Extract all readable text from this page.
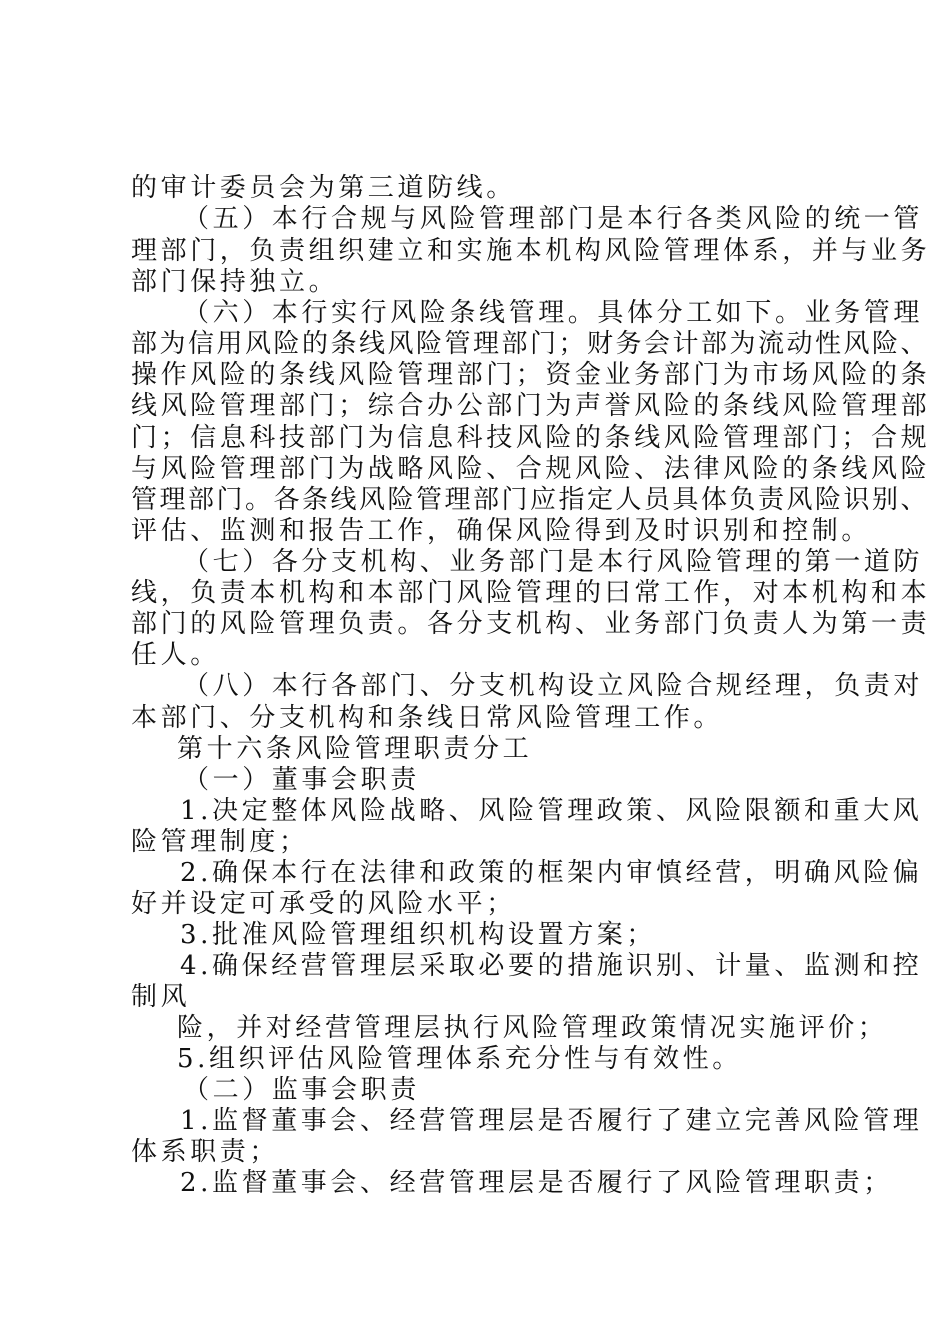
的审计委员会为第三道防线。

（五）本行合规与风险管理部门是本行各类风险的统一管

理部门，负责组织建立和实施本机构风险管理体系，并与业务

部门保持独立。

（六）本行实行风险条线管理。具体分工如下。业务管理

部为信用风险的条线风险管理部门；财务会计部为流动性风险、

操作风险的条线风险管理部门；资金业务部门为市场风险的条

线风险管理部门；综合办公部门为声誉风险的条线风险管理部

门；信息科技部门为信息科技风险的条线风险管理部门；合规

与风险管理部门为战略风险、合规风险、法律风险的条线风险

管理部门。各条线风险管理部门应指定人员具体负责风险识别、

评估、监测和报告工作，确保风险得到及时识别和控制。

（七）各分支机构、业务部门是本行风险管理的第一道防

线，负责本机构和本部门风险管理的曰常工作，对本机构和本

部门的风险管理负责。各分支机构、业务部门负责人为第一责

任人。

（八）本行各部门、分支机构设立风险合规经理，负责对

本部门、分支机构和条线日常风险管理工作。

第十六条风险管理职责分工

（一）董事会职责

1.决定整体风险战略、风险管理政策、风险限额和重大风

险管理制度；

2.确保本行在法律和政策的框架内审慎经营，明确风险偏

好并设定可承受的风险水平；

3.批准风险管理组织机构设置方案；

4.确保经营管理层采取必要的措施识别、计量、监测和控

制风

险，并对经营管理层执行风险管理政策情况实施评价；

5.组织评估风险管理体系充分性与有效性。

（二）监事会职责

1.监督董事会、经营管理层是否履行了建立完善风险管理

体系职责；

2.监督董事会、经营管理层是否履行了风险管理职责；
